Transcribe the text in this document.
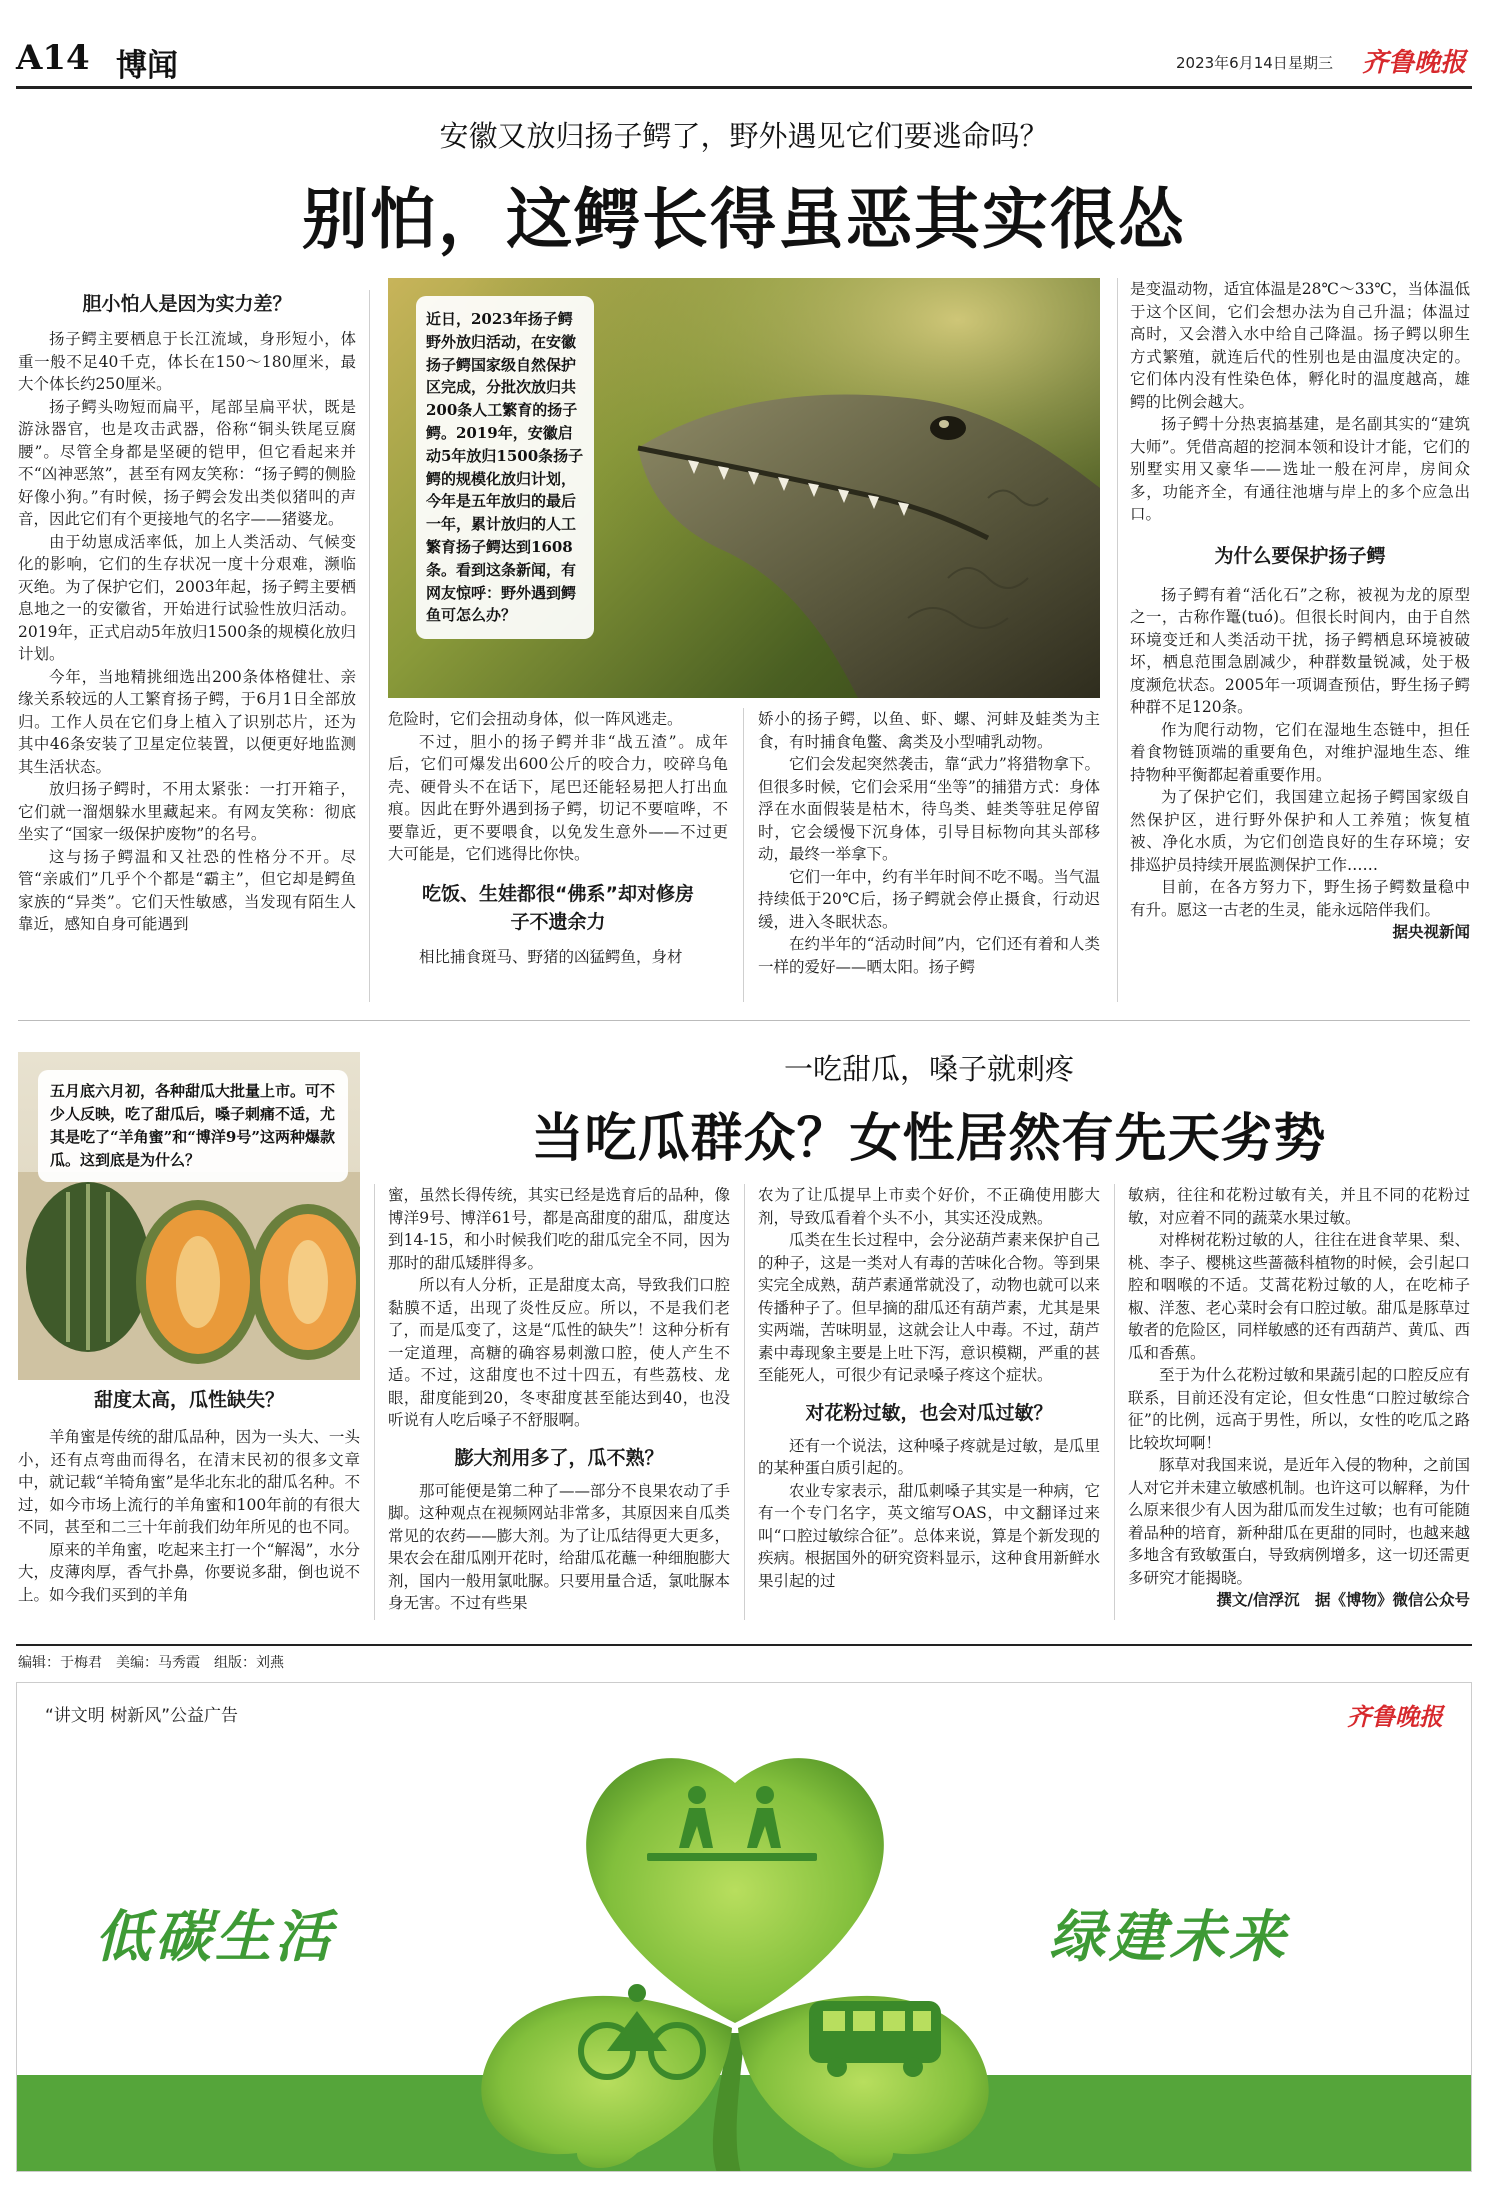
A14 博闻	2023年6月14日 星期三 齐鲁晚报
安徽又放归扬子鳄了，野外遇见它们要逃命吗？
别怕，这鳄长得虽恶其实很怂
胆小怕人是因为实力差？

扬子鳄主要栖息于长江流域，身形短小，体重一般不足40千克，体长在150～180厘米，最大个体长约250厘米。

扬子鳄头吻短而扁平，尾部呈扁平状，既是游泳器官，也是攻击武器，俗称“铜头铁尾豆腐腰”。尽管全身都是坚硬的铠甲，但它看起来并不“凶神恶煞”，甚至有网友笑称：“扬子鳄的侧脸好像小狗。”有时候，扬子鳄会发出类似猪叫的声音，因此它们有个更接地气的名字——猪婆龙。

由于幼崽成活率低，加上人类活动、气候变化的影响，它们的生存状况一度十分艰难，濒临灭绝。为了保护它们，2003年起，扬子鳄主要栖息地之一的安徽省，开始进行试验性放归活动。2019年，正式启动5年放归1500条的规模化放归计划。

今年，当地精挑细选出200条体格健壮、亲缘关系较远的人工繁育扬子鳄，于6月1日全部放归。工作人员在它们身上植入了识别芯片，还为其中46条安装了卫星定位装置，以便更好地监测其生活状态。

放归扬子鳄时，不用太紧张：一打开箱子，它们就一溜烟躲水里藏起来。有网友笑称：彻底坐实了“国家一级保护废物”的名号。

这与扬子鳄温和又社恐的性格分不开。尽管“亲戚们”几乎个个都是“霸主”，但它却是鳄鱼家族的“异类”。它们天性敏感，当发现有陌生人靠近，感知自身可能遇到

近日，2023年扬子鳄野外放归活动，在安徽扬子鳄国家级自然保护区完成，分批次放归共200条人工繁育的扬子鳄。2019年，安徽启动5年放归1500条扬子鳄的规模化放归计划，今年是五年放归的最后一年，累计放归的人工繁育扬子鳄达到1608条。看到这条新闻，有网友惊呼：野外遇到鳄鱼可怎么办？

是变温动物，适宜体温是28℃～33℃，当体温低于这个区间，它们会想办法为自己升温；体温过高时，又会潜入水中给自己降温。扬子鳄以卵生方式繁殖，就连后代的性别也是由温度决定的。它们体内没有性染色体，孵化时的温度越高，雄鳄的比例会越大。

扬子鳄十分热衷搞基建，是名副其实的“建筑大师”。凭借高超的挖洞本领和设计才能，它们的别墅实用又豪华——选址一般在河岸，房间众多，功能齐全，有通往池塘与岸上的多个应急出口。

为什么要保护扬子鳄

扬子鳄有着“活化石”之称，被视为龙的原型之一，古称作鼍(tuó)。但很长时间内，由于自然环境变迁和人类活动干扰，扬子鳄栖息环境被破坏，栖息范围急剧减少，种群数量锐减，处于极度濒危状态。2005年一项调查预估，野生扬子鳄种群不足120条。

作为爬行动物，它们在湿地生态链中，担任着食物链顶端的重要角色，对维护湿地生态、维持物种平衡都起着重要作用。

为了保护它们，我国建立起扬子鳄国家级自然保护区，进行野外保护和人工养殖；恢复植被、净化水质，为它们创造良好的生存环境；安排巡护员持续开展监测保护工作……

目前，在各方努力下，野生扬子鳄数量稳中有升。愿这一古老的生灵，能永远陪伴我们。

据央视新闻

危险时，它们会扭动身体，似一阵风逃走。

不过，胆小的扬子鳄并非“战五渣”。成年后，它们可爆发出600公斤的咬合力，咬碎乌龟壳、硬骨头不在话下，尾巴还能轻易把人打出血痕。因此在野外遇到扬子鳄，切记不要喧哗，不要靠近，更不要喂食，以免发生意外——不过更大可能是，它们逃得比你快。

吃饭、生娃都很“佛系”却对修房子不遗余力

相比捕食斑马、野猪的凶猛鳄鱼，身材

娇小的扬子鳄，以鱼、虾、螺、河蚌及蛙类为主食，有时捕食龟鳖、禽类及小型哺乳动物。

它们会发起突然袭击，靠“武力”将猎物拿下。但很多时候，它们会采用“坐等”的捕猎方式：身体浮在水面假装是枯木，待鸟类、蛙类等驻足停留时，它会缓慢下沉身体，引导目标物向其头部移动，最终一举拿下。

它们一年中，约有半年时间不吃不喝。当气温持续低于20℃后，扬子鳄就会停止摄食，行动迟缓，进入冬眠状态。

在约半年的“活动时间”内，它们还有着和人类一样的爱好——晒太阳。扬子鳄

五月底六月初，各种甜瓜大批量上市。可不少人反映，吃了甜瓜后，嗓子刺痛不适，尤其是吃了“羊角蜜”和“博洋9号”这两种爆款瓜。这到底是为什么？
一吃甜瓜，嗓子就刺疼
当吃瓜群众？女性居然有先天劣势
甜度太高，瓜性缺失？

羊角蜜是传统的甜瓜品种，因为一头大、一头小，还有点弯曲而得名，在清末民初的很多文章中，就记载“羊犄角蜜”是华北东北的甜瓜名种。不过，如今市场上流行的羊角蜜和100年前的有很大不同，甚至和二三十年前我们幼年所见的也不同。

原来的羊角蜜，吃起来主打一个“解渴”，水分大，皮薄肉厚，香气扑鼻，你要说多甜，倒也说不上。如今我们买到的羊角

蜜，虽然长得传统，其实已经是选育后的品种，像博洋9号、博洋61号，都是高甜度的甜瓜，甜度达到14-15，和小时候我们吃的甜瓜完全不同，因为那时的甜瓜矮胖得多。

所以有人分析，正是甜度太高，导致我们口腔黏膜不适，出现了炎性反应。所以，不是我们老了，而是瓜变了，这是“瓜性的缺失”！这种分析有一定道理，高糖的确容易刺激口腔，使人产生不适。不过，这甜度也不过十四五，有些荔枝、龙眼，甜度能到20，冬枣甜度甚至能达到40，也没听说有人吃后嗓子不舒服啊。

膨大剂用多了，瓜不熟？

那可能便是第二种了——部分不良果农动了手脚。这种观点在视频网站非常多，其原因来自瓜类常见的农药——膨大剂。为了让瓜结得更大更多，果农会在甜瓜刚开花时，给甜瓜花蘸一种细胞膨大剂，国内一般用氯吡脲。只要用量合适，氯吡脲本身无害。不过有些果

农为了让瓜提早上市卖个好价，不正确使用膨大剂，导致瓜看着个头不小，其实还没成熟。

瓜类在生长过程中，会分泌葫芦素来保护自己的种子，这是一类对人有毒的苦味化合物。等到果实完全成熟，葫芦素通常就没了，动物也就可以来传播种子了。但早摘的甜瓜还有葫芦素，尤其是果实两端，苦味明显，这就会让人中毒。不过，葫芦素中毒现象主要是上吐下泻，意识模糊，严重的甚至能死人，可很少有记录嗓子疼这个症状。

对花粉过敏，也会对瓜过敏？

还有一个说法，这种嗓子疼就是过敏，是瓜里的某种蛋白质引起的。

农业专家表示，甜瓜刺嗓子其实是一种病，它有一个专门名字，英文缩写OAS，中文翻译过来叫“口腔过敏综合征”。总体来说，算是个新发现的疾病。根据国外的研究资料显示，这种食用新鲜水果引起的过

敏病，往往和花粉过敏有关，并且不同的花粉过敏，对应着不同的蔬菜水果过敏。

对桦树花粉过敏的人，往往在进食苹果、梨、桃、李子、樱桃这些蔷薇科植物的时候，会引起口腔和咽喉的不适。艾蒿花粉过敏的人，在吃柿子椒、洋葱、老心菜时会有口腔过敏。甜瓜是豚草过敏者的危险区，同样敏感的还有西葫芦、黄瓜、西瓜和香蕉。

至于为什么花粉过敏和果蔬引起的口腔反应有联系，目前还没有定论，但女性患“口腔过敏综合征”的比例，远高于男性，所以，女性的吃瓜之路比较坎坷啊！

豚草对我国来说，是近年入侵的物种，之前国人对它并未建立敏感机制。也许这可以解释，为什么原来很少有人因为甜瓜而发生过敏；也有可能随着品种的培育，新种甜瓜在更甜的同时，也越来越多地含有致敏蛋白，导致病例增多，这一切还需更多研究才能揭晓。

撰文/信浮沉　据《博物》微信公众号
编辑：于梅君　美编：马秀霞　组版：刘燕
“讲文明 树新风”公益广告	齐鲁晚报
低碳生活	绿建未来
